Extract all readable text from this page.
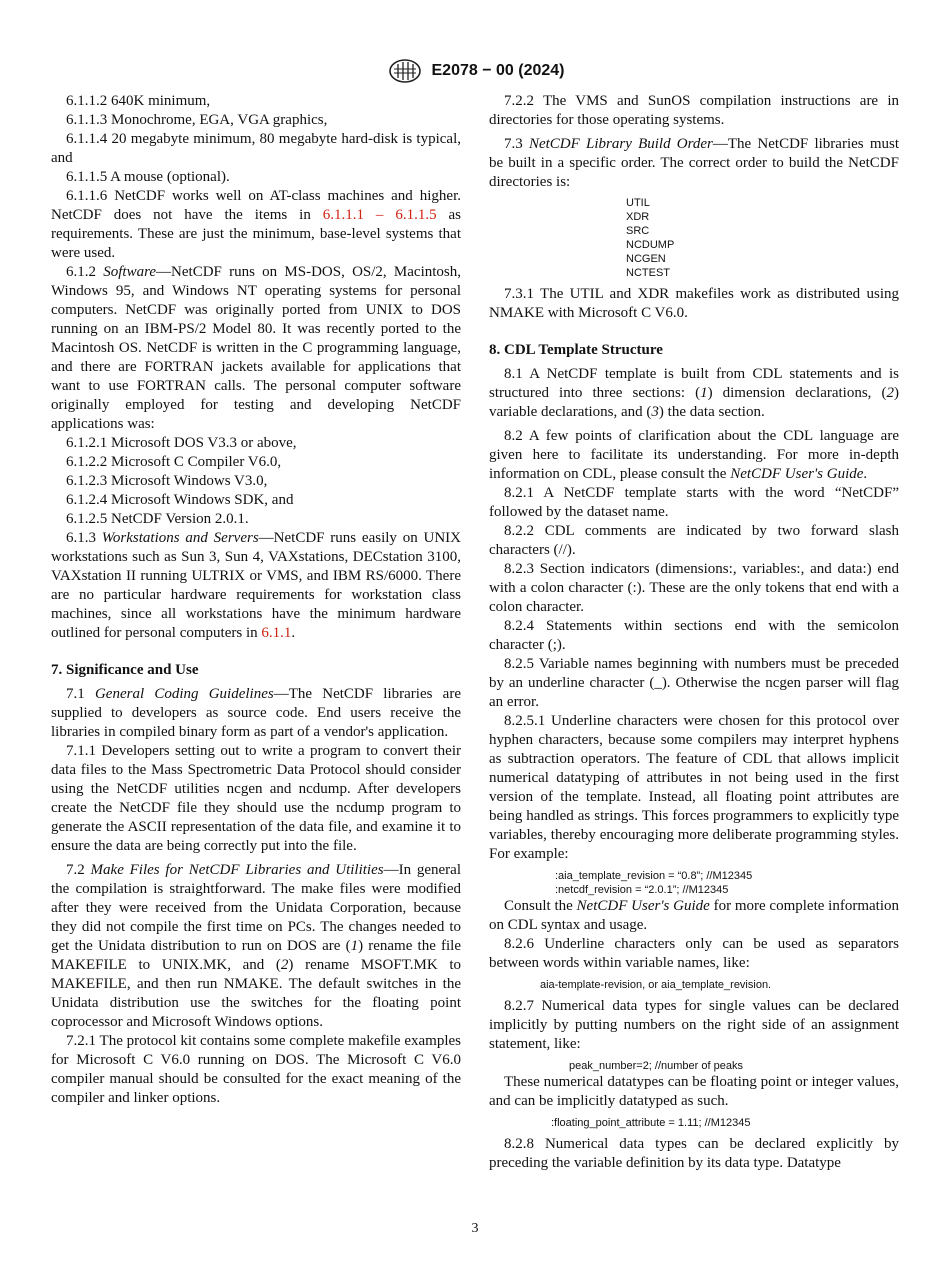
E2078 − 00 (2024)

6.1.1.2 640K minimum,

6.1.1.3 Monochrome, EGA, VGA graphics,

6.1.1.4 20 megabyte minimum, 80 megabyte hard-disk is typical, and

6.1.1.5 A mouse (optional).

6.1.1.6 NetCDF works well on AT-class machines and higher. NetCDF does not have the items in 6.1.1.1 – 6.1.1.5 as requirements. These are just the minimum, base-level systems that were used.

6.1.2 Software—NetCDF runs on MS-DOS, OS/2, Macintosh, Windows 95, and Windows NT operating systems for personal computers. NetCDF was originally ported from UNIX to DOS running on an IBM-PS/2 Model 80. It was recently ported to the Macintosh OS. NetCDF is written in the C programming language, and there are FORTRAN jackets available for applications that want to use FORTRAN calls. The personal computer software originally employed for testing and developing NetCDF applications was:

6.1.2.1 Microsoft DOS V3.3 or above,

6.1.2.2 Microsoft C Compiler V6.0,

6.1.2.3 Microsoft Windows V3.0,

6.1.2.4 Microsoft Windows SDK, and

6.1.2.5 NetCDF Version 2.0.1.

6.1.3 Workstations and Servers—NetCDF runs easily on UNIX workstations such as Sun 3, Sun 4, VAXstations, DECstation 3100, VAXstation II running ULTRIX or VMS, and IBM RS/6000. There are no particular hardware requirements for workstation class machines, since all workstations have the minimum hardware outlined for personal computers in 6.1.1.

7. Significance and Use

7.1 General Coding Guidelines—The NetCDF libraries are supplied to developers as source code. End users receive the libraries in compiled binary form as part of a vendor's application.

7.1.1 Developers setting out to write a program to convert their data files to the Mass Spectrometric Data Protocol should consider using the NetCDF utilities ncgen and ncdump. After developers create the NetCDF file they should use the ncdump program to generate the ASCII representation of the data file, and examine it to ensure the data are being correctly put into the file.

7.2 Make Files for NetCDF Libraries and Utilities—In general the compilation is straightforward. The make files were modified after they were received from the Unidata Corporation, because they did not compile the first time on PCs. The changes needed to get the Unidata distribution to run on DOS are (1) rename the file MAKEFILE to UNIX.MK, and (2) rename MSOFT.MK to MAKEFILE, and then run NMAKE. The default switches in the Unidata distribution use the switches for the floating point coprocessor and Microsoft Windows options.

7.2.1 The protocol kit contains some complete makefile examples for Microsoft C V6.0 running on DOS. The Microsoft C V6.0 compiler manual should be consulted for the exact meaning of the compiler and linker options.

7.2.2 The VMS and SunOS compilation instructions are in directories for those operating systems.

7.3 NetCDF Library Build Order—The NetCDF libraries must be built in a specific order. The correct order to build the NetCDF directories is:

UTIL
XDR
SRC
NCDUMP
NCGEN
NCTEST

7.3.1 The UTIL and XDR makefiles work as distributed using NMAKE with Microsoft C V6.0.

8. CDL Template Structure

8.1 A NetCDF template is built from CDL statements and is structured into three sections: (1) dimension declarations, (2) variable declarations, and (3) the data section.

8.2 A few points of clarification about the CDL language are given here to facilitate its understanding. For more in-depth information on CDL, please consult the NetCDF User's Guide.

8.2.1 A NetCDF template starts with the word “NetCDF” followed by the dataset name.

8.2.2 CDL comments are indicated by two forward slash characters (//).

8.2.3 Section indicators (dimensions:, variables:, and data:) end with a colon character (:). These are the only tokens that end with a colon character.

8.2.4 Statements within sections end with the semicolon character (;).

8.2.5 Variable names beginning with numbers must be preceded by an underline character (_). Otherwise the ncgen parser will flag an error.

8.2.5.1 Underline characters were chosen for this protocol over hyphen characters, because some compilers may interpret hyphens as subtraction operators. The feature of CDL that allows implicit numerical datatyping of attributes in not being used in the first version of the template. Instead, all floating point attributes are being handled as strings. This forces programmers to explicitly type variables, thereby encouraging more deliberate programming styles. For example:

:aia_template_revision = “0.8”; //M12345
:netcdf_revision = “2.0.1”; //M12345

Consult the NetCDF User's Guide for more complete information on CDL syntax and usage.

8.2.6 Underline characters only can be used as separators between words within variable names, like:

aia-template-revision, or aia_template_revision.

8.2.7 Numerical data types for single values can be declared implicitly by putting numbers on the right side of an assignment statement, like:

peak_number=2; //number of peaks

These numerical datatypes can be floating point or integer values, and can be implicitly datatyped as such.

:floating_point_attribute = 1.11; //M12345

8.2.8 Numerical data types can be declared explicitly by preceding the variable definition by its data type. Datatype

3
